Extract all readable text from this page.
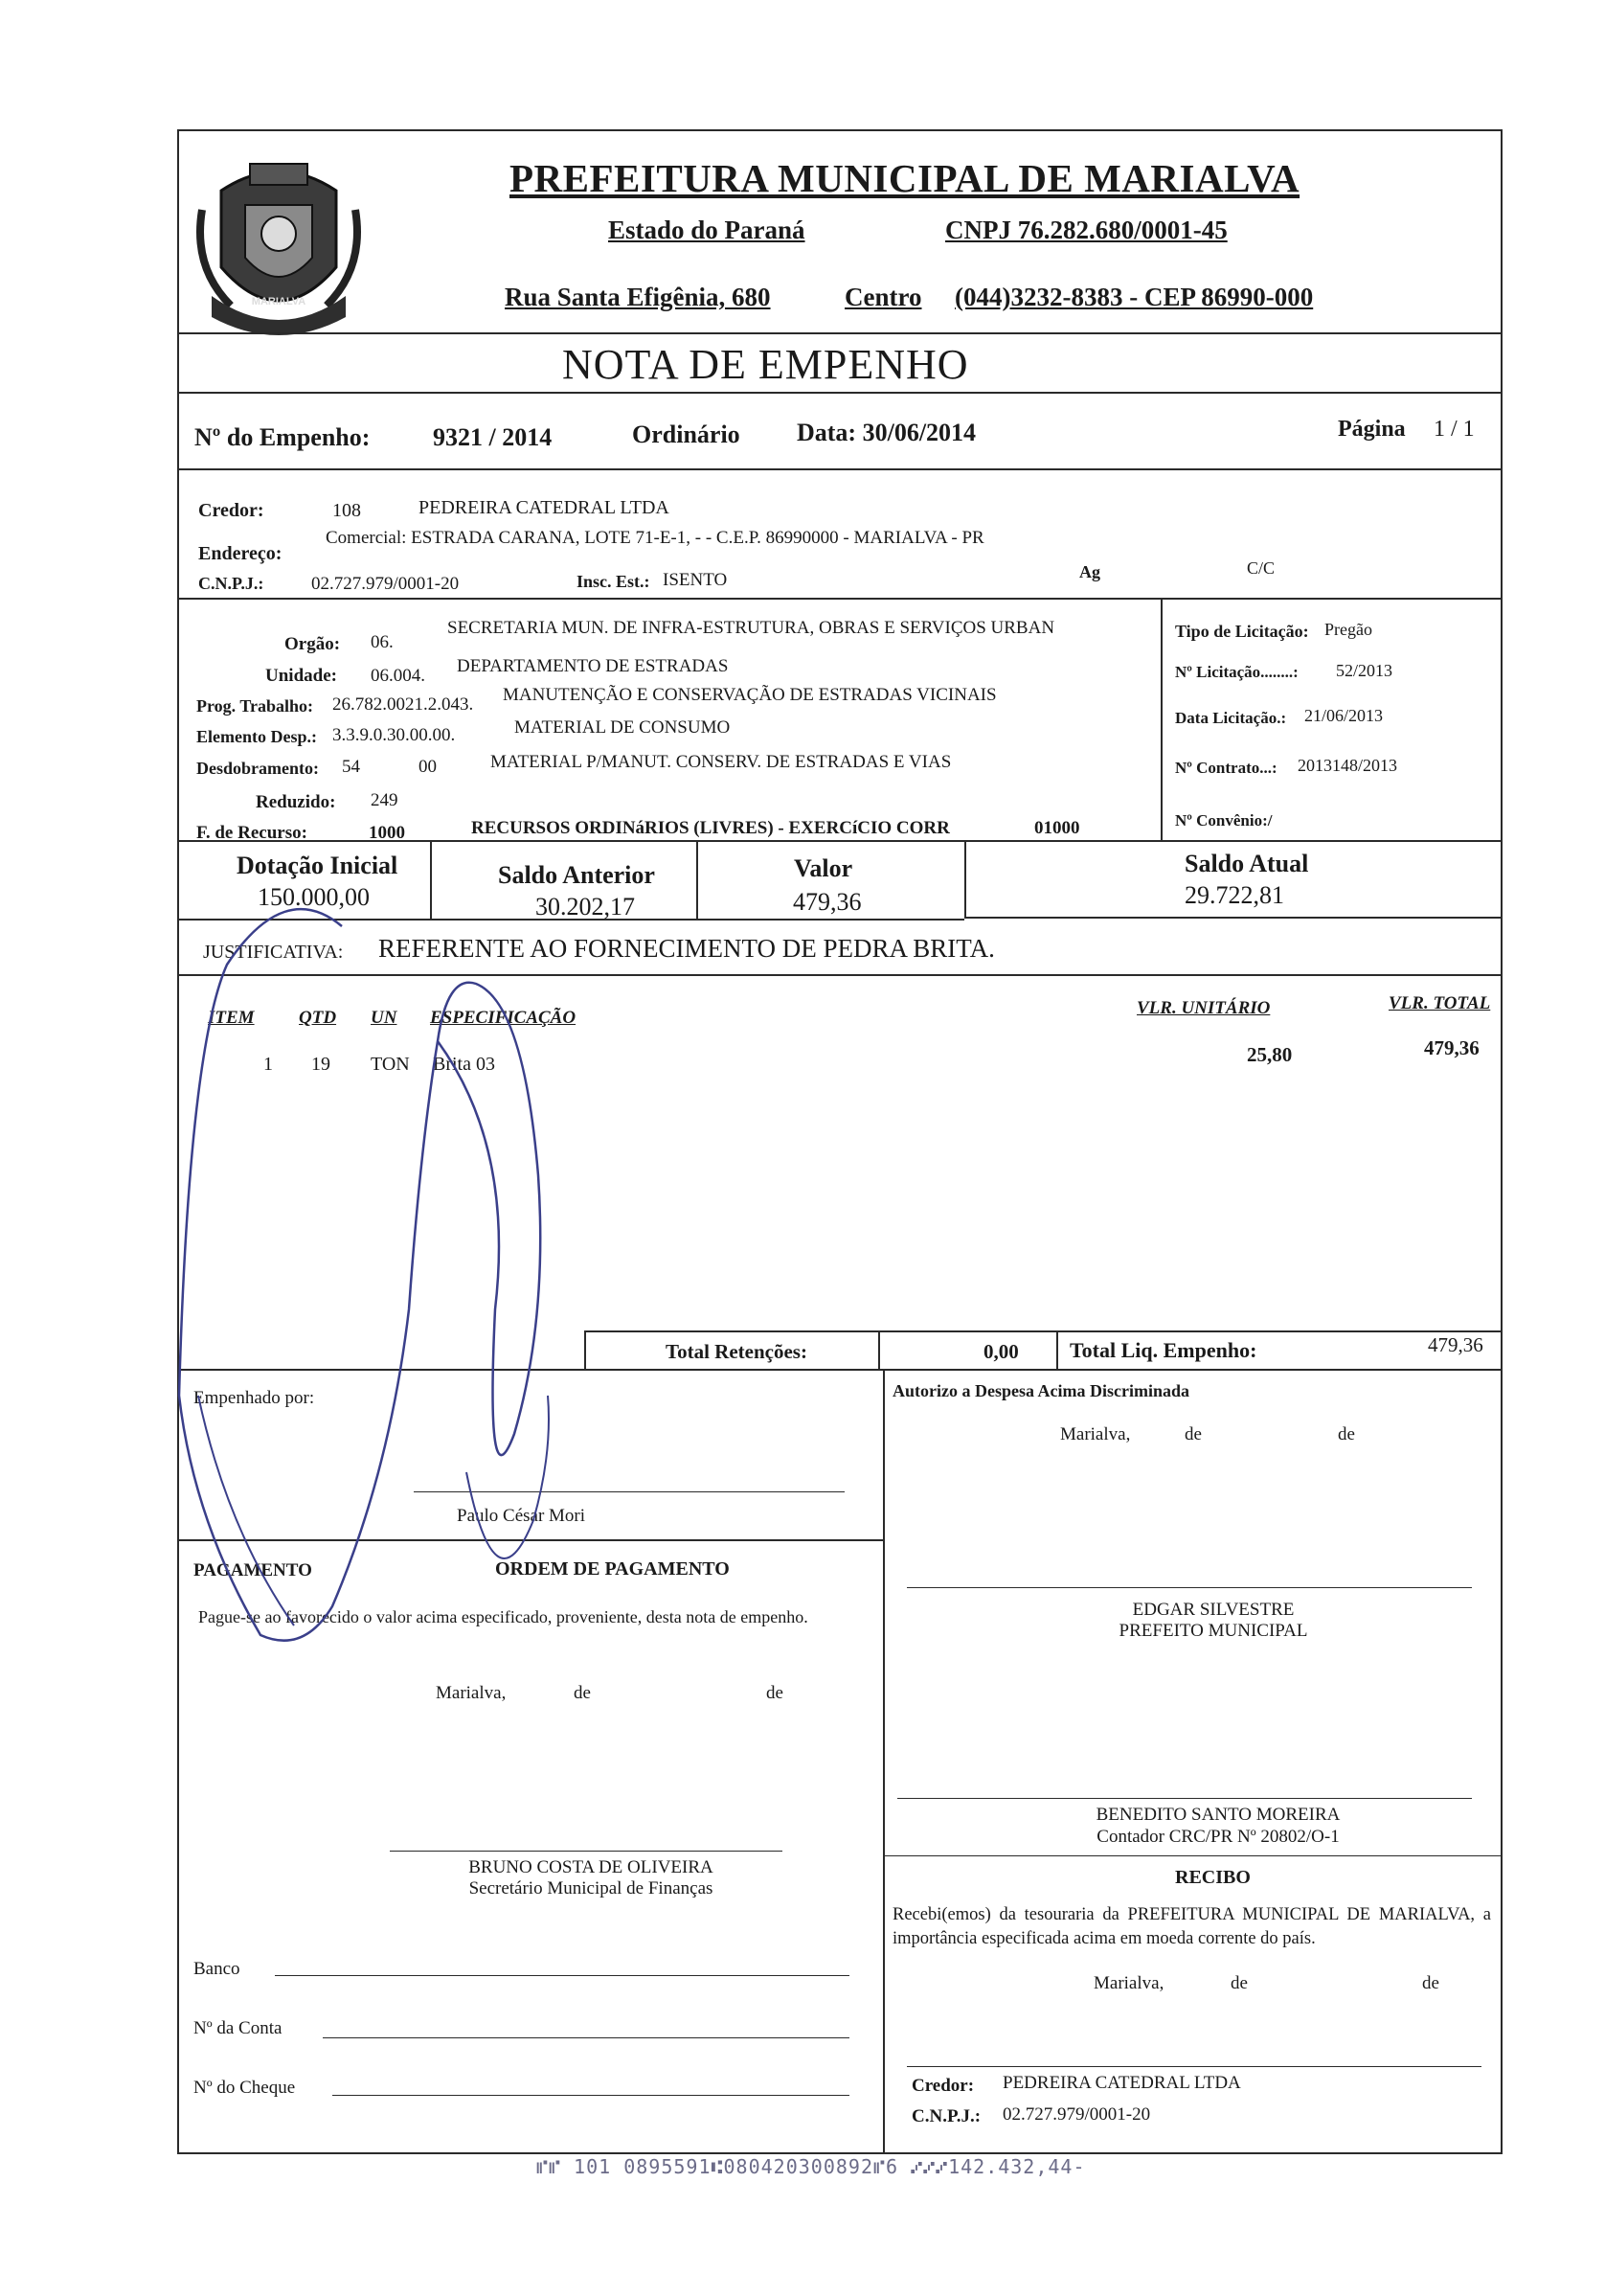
MARIALVA
PREFEITURA MUNICIPAL DE MARIALVA
Estado do Paraná	CNPJ 76.282.680/0001-45
Rua Santa Efigênia, 680	Centro (044)3232-8383 - CEP 86990-000
NOTA DE EMPENHO
Nº do Empenho:	9321 / 2014	Ordinário Data: 30/06/2014	Página 1 / 1
Credor:	108	PEDREIRA CATEDRAL LTDA
Endereço:
Comercial: ESTRADA CARANA, LOTE 71-E-1, - - C.E.P. 86990000 - MARIALVA - PR
C.N.P.J.:	02.727.979/0001-20	Insc. Est.: ISENTO	Ag	C/C
Orgão: 06.
SECRETARIA MUN. DE INFRA-ESTRUTURA, OBRAS E SERVIÇOS URBAN
Unidade: 06.004. DEPARTAMENTO DE ESTRADAS
Prog. Trabalho: 26.782.0021.2.043. MANUTENÇÃO E CONSERVAÇÃO DE ESTRADAS VICINAIS
Elemento Desp.: 3.3.9.0.30.00.00.	MATERIAL DE CONSUMO
Desdobramento: 54	00	MATERIAL P/MANUT. CONSERV. DE ESTRADAS E VIAS
Reduzido: 249
F. de Recurso:	1000	RECURSOS ORDINáRIOS (LIVRES) - EXERCíCIO CORR	01000
Tipo de Licitação: Pregão
Nº Licitação........: 52/2013
Data Licitação.: 21/06/2013
Nº Contrato...: 2013148/2013
Nº Convênio:/
Dotação Inicial
150.000,00
Saldo Anterior
30.202,17
Valor
479,36
Saldo Atual
29.722,81
JUSTIFICATIVA: REFERENTE AO FORNECIMENTO DE PEDRA BRITA.
ITEM QTD UN ESPECIFICAÇÃO	VLR. UNITÁRIO	VLR. TOTAL
1 19 TON Brita 03	25,80	479,36
Total Retenções:	0,00 Total Liq. Empenho:	479,36
Empenhado por:
Paulo César Mori
Autorizo a Despesa Acima Discriminada
Marialva,	de	de
PAGAMENTO	ORDEM DE PAGAMENTO
Pague-se ao favorecido o valor acima especificado, proveniente, desta nota de empenho.
Marialva,	de	de
EDGAR SILVESTRE
PREFEITO MUNICIPAL
BENEDITO SANTO MOREIRA
Contador CRC/PR Nº 20802/O-1
BRUNO COSTA DE OLIVEIRA
Secretário Municipal de Finanças
RECIBO
Recebi(emos) da tesouraria da PREFEITURA MUNICIPAL DE MARIALVA, a importância especificada acima em moeda corrente do país.
Marialva,	de	de
Credor: PEDREIRA CATEDRAL LTDA
C.N.P.J.: 02.727.979/0001-20
Banco
Nº da Conta
Nº do Cheque
⑈⑈ 101 0895591⑆080420300892⑈6 ⑇⑇⑇142.432,44-
